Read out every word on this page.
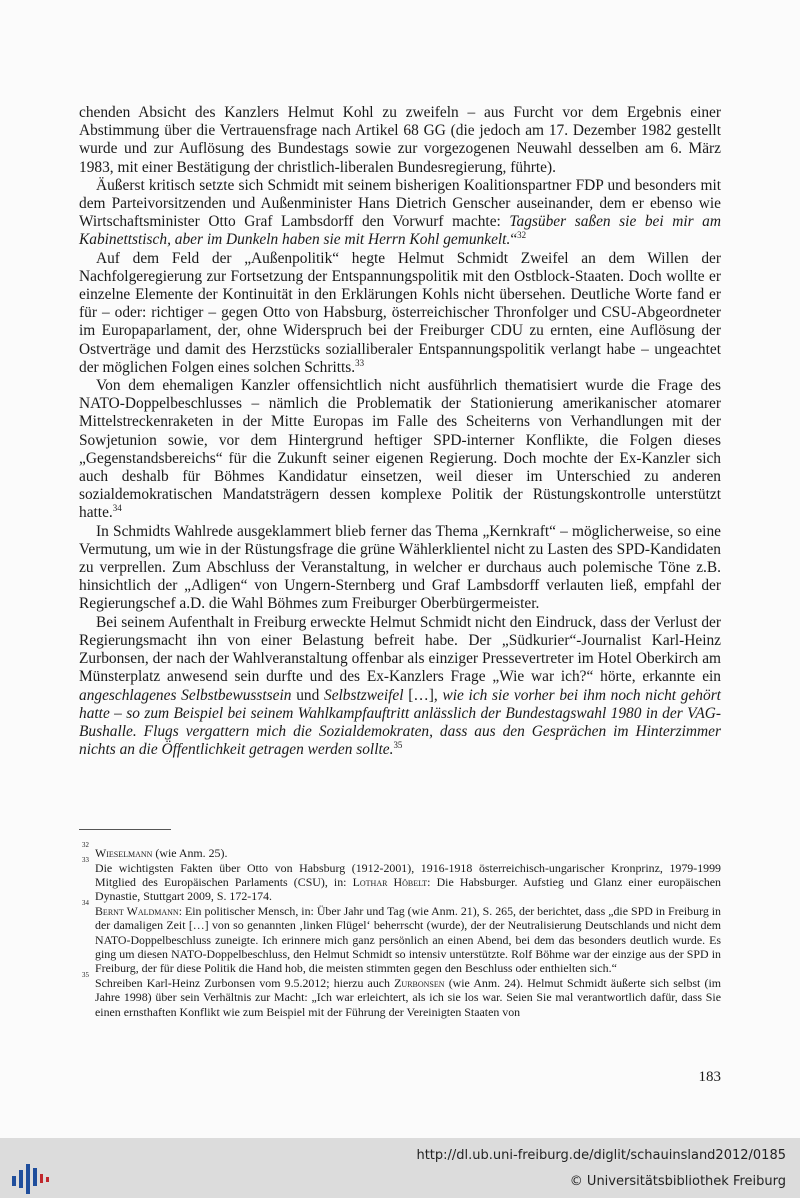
chenden Absicht des Kanzlers Helmut Kohl zu zweifeln – aus Furcht vor dem Ergebnis einer Abstimmung über die Vertrauensfrage nach Artikel 68 GG (die jedoch am 17. Dezember 1982 gestellt wurde und zur Auflösung des Bundestags sowie zur vorgezogenen Neuwahl desselben am 6. März 1983, mit einer Bestätigung der christlich-liberalen Bundesregierung, führte).

Äußerst kritisch setzte sich Schmidt mit seinem bisherigen Koalitionspartner FDP und besonders mit dem Parteivorsitzenden und Außenminister Hans Dietrich Genscher auseinander, dem er ebenso wie Wirtschaftsminister Otto Graf Lambsdorff den Vorwurf machte: Tagsüber saßen sie bei mir am Kabinettstisch, aber im Dunkeln haben sie mit Herrn Kohl gemunkelt.“$^{32}$

Auf dem Feld der „Außenpolitik“ hegte Helmut Schmidt Zweifel an dem Willen der Nachfolgeregierung zur Fortsetzung der Entspannungspolitik mit den Ostblock-Staaten. Doch wollte er einzelne Elemente der Kontinuität in den Erklärungen Kohls nicht übersehen. Deutliche Worte fand er für – oder: richtiger – gegen Otto von Habsburg, österreichischer Thronfolger und CSU-Abgeordneter im Europaparlament, der, ohne Widerspruch bei der Freiburger CDU zu ernten, eine Auflösung der Ostverträge und damit des Herzstücks sozialliberaler Entspannungspolitik verlangt habe – ungeachtet der möglichen Folgen eines solchen Schritts.$^{33}$

Von dem ehemaligen Kanzler offensichtlich nicht ausführlich thematisiert wurde die Frage des NATO-Doppelbeschlusses – nämlich die Problematik der Stationierung amerikanischer atomarer Mittelstreckenraketen in der Mitte Europas im Falle des Scheiterns von Verhandlungen mit der Sowjetunion sowie, vor dem Hintergrund heftiger SPD-interner Konflikte, die Folgen dieses „Gegenstandsbereichs“ für die Zukunft seiner eigenen Regierung. Doch mochte der Ex-Kanzler sich auch deshalb für Böhmes Kandidatur einsetzen, weil dieser im Unterschied zu anderen sozialdemokratischen Mandatsträgern dessen komplexe Politik der Rüstungskontrolle unterstützt hatte.$^{34}$

In Schmidts Wahlrede ausgeklammert blieb ferner das Thema „Kernkraft“ – möglicherweise, so eine Vermutung, um wie in der Rüstungsfrage die grüne Wählerklientel nicht zu Lasten des SPD-Kandidaten zu verprellen. Zum Abschluss der Veranstaltung, in welcher er durchaus auch polemische Töne z.B. hinsichtlich der „Adligen“ von Ungern-Sternberg und Graf Lambsdorff verlauten ließ, empfahl der Regierungschef a.D. die Wahl Böhmes zum Freiburger Oberbürgermeister.

Bei seinem Aufenthalt in Freiburg erweckte Helmut Schmidt nicht den Eindruck, dass der Verlust der Regierungsmacht ihn von einer Belastung befreit habe. Der „Südkurier“-Journalist Karl-Heinz Zurbonsen, der nach der Wahlveranstaltung offenbar als einziger Pressevertreter im Hotel Oberkirch am Münsterplatz anwesend sein durfte und des Ex-Kanzlers Frage „Wie war ich?“ hörte, erkannte ein angeschlagenes Selbstbewusstsein und Selbstzweifel […], wie ich sie vorher bei ihm noch nicht gehört hatte – so zum Beispiel bei seinem Wahlkampfauftritt anlässlich der Bundestagswahl 1980 in der VAG-Bushalle. Flugs vergattern mich die Sozialdemokraten, dass aus den Gesprächen im Hinterzimmer nichts an die Öffentlichkeit getragen werden sollte.$^{35}$

32
Wieselmann (wie Anm. 25).
33
Die wichtigsten Fakten über Otto von Habsburg (1912-2001), 1916-1918 österreichisch-ungarischer Kronprinz, 1979-1999 Mitglied des Europäischen Parlaments (CSU), in: Lothar Höbelt: Die Habsburger. Aufstieg und Glanz einer europäischen Dynastie, Stuttgart 2009, S. 172-174.
34
Bernt Waldmann: Ein politischer Mensch, in: Über Jahr und Tag (wie Anm. 21), S. 265, der berichtet, dass „die SPD in Freiburg in der damaligen Zeit […] von so genannten ‚linken Flügel‘ beherrscht (wurde), der der Neutralisierung Deutschlands und nicht dem NATO-Doppelbeschluss zuneigte. Ich erinnere mich ganz persönlich an einen Abend, bei dem das besonders deutlich wurde. Es ging um diesen NATO-Doppelbeschluss, den Helmut Schmidt so intensiv unterstützte. Rolf Böhme war der einzige aus der SPD in Freiburg, der für diese Politik die Hand hob, die meisten stimmten gegen den Beschluss oder enthielten sich.“
35
Schreiben Karl-Heinz Zurbonsen vom 9.5.2012; hierzu auch Zurbonsen (wie Anm. 24). Helmut Schmidt äußerte sich selbst (im Jahre 1998) über sein Verhältnis zur Macht: „Ich war erleichtert, als ich sie los war. Seien Sie mal verantwortlich dafür, dass Sie einen ernsthaften Konflikt wie zum Beispiel mit der Führung der Vereinigten Staaten von
183
http://dl.ub.uni-freiburg.de/diglit/schauinsland2012/0185
© Universitätsbibliothek Freiburg
